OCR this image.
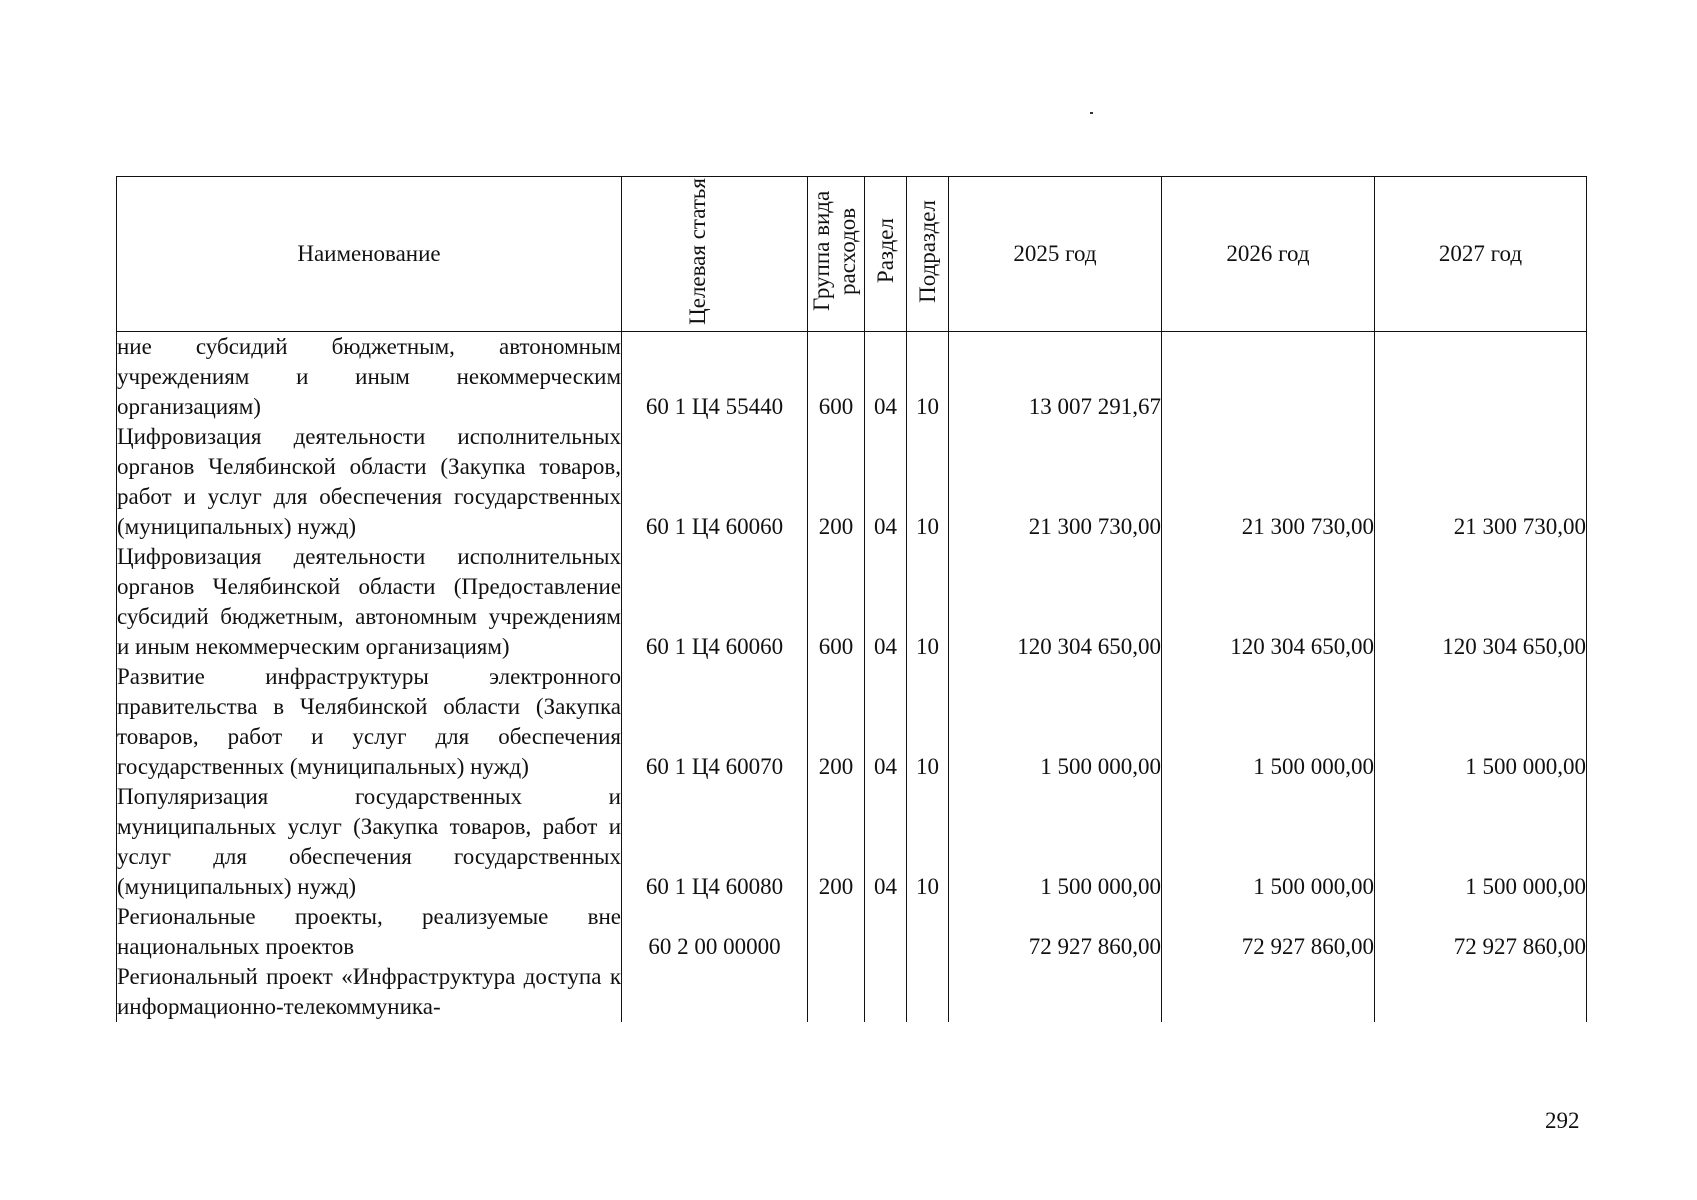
Наименование	Целевая статья	Группа вида расходов	Раздел	Подраздел	2025 год	2026 год	2027 год
ние субсидий бюджетным, автономным учреждениям и иным некоммерческим организациям)	60 1 Ц4 55440	600	04	10	13 007 291,67		
Цифровизация деятельности исполнительных органов Челябинской области (Закупка товаров, работ и услуг для обеспечения государственных (муниципальных) нужд)	60 1 Ц4 60060	200	04	10	21 300 730,00	21 300 730,00	21 300 730,00
Цифровизация деятельности исполнительных органов Челябинской области (Предоставление субсидий бюджетным, автономным учреждениям и иным некоммерческим организациям)	60 1 Ц4 60060	600	04	10	120 304 650,00	120 304 650,00	120 304 650,00
Развитие инфраструктуры электронного правительства в Челябинской области (Закупка товаров, работ и услуг для обеспечения государственных (муниципальных) нужд)	60 1 Ц4 60070	200	04	10	1 500 000,00	1 500 000,00	1 500 000,00
Популяризация государственных и муниципальных услуг (Закупка товаров, работ и услуг для обеспечения государственных (муниципальных) нужд)	60 1 Ц4 60080	200	04	10	1 500 000,00	1 500 000,00	1 500 000,00
Региональные проекты, реализуемые вне национальных проектов	60 2 00 00000				72 927 860,00	72 927 860,00	72 927 860,00
Региональный проект «Инфраструктура доступа к информационно-телекоммуника-							
292
